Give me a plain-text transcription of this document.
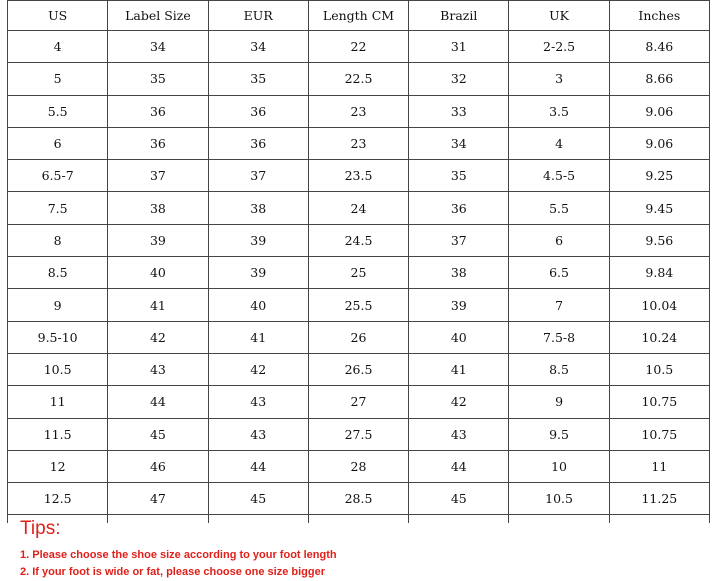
US	Label Size	EUR	Length CM	Brazil	UK	Inches
4	34	34	22	31	2-2.5	8.46
5	35	35	22.5	32	3	8.66
5.5	36	36	23	33	3.5	9.06
6	36	36	23	34	4	9.06
6.5-7	37	37	23.5	35	4.5-5	9.25
7.5	38	38	24	36	5.5	9.45
8	39	39	24.5	37	6	9.56
8.5	40	39	25	38	6.5	9.84
9	41	40	25.5	39	7	10.04
9.5-10	42	41	26	40	7.5-8	10.24
10.5	43	42	26.5	41	8.5	10.5
11	44	43	27	42	9	10.75
11.5	45	43	27.5	43	9.5	10.75
12	46	44	28	44	10	11
12.5	47	45	28.5	45	10.5	11.25

Tips:
1. Please choose the shoe size according to your foot length
2. If your foot is wide or fat, please choose one size bigger
